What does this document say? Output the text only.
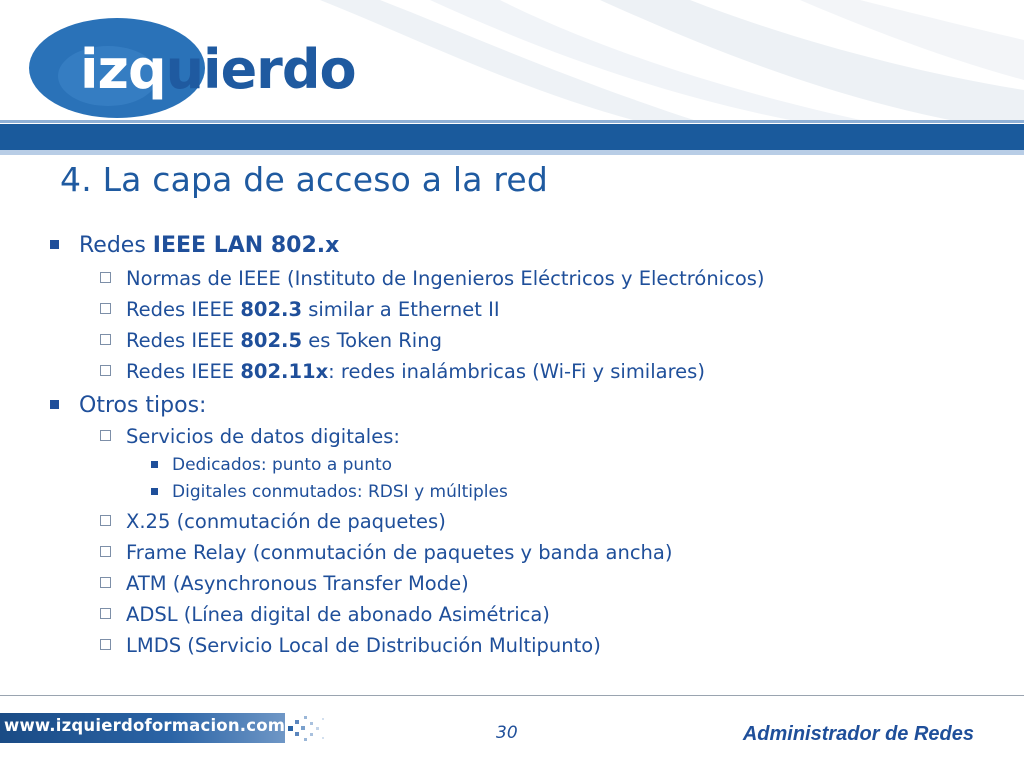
izquierdo
4. La capa de acceso a la red
Redes IEEE LAN 802.x
Normas de IEEE (Instituto de Ingenieros Eléctricos y Electrónicos)
Redes IEEE 802.3 similar a Ethernet II
Redes IEEE 802.5 es Token Ring
Redes IEEE 802.11x: redes inalámbricas (Wi-Fi y similares)
Otros tipos:
Servicios de datos digitales:
Dedicados: punto a punto
Digitales conmutados: RDSI y múltiples
X.25 (conmutación de paquetes)
Frame Relay (conmutación de paquetes y banda ancha)
ATM (Asynchronous Transfer Mode)
ADSL (Línea digital de abonado Asimétrica)
LMDS (Servicio Local de Distribución Multipunto)
www.izquierdoformacion.com	30	Administrador de Redes
